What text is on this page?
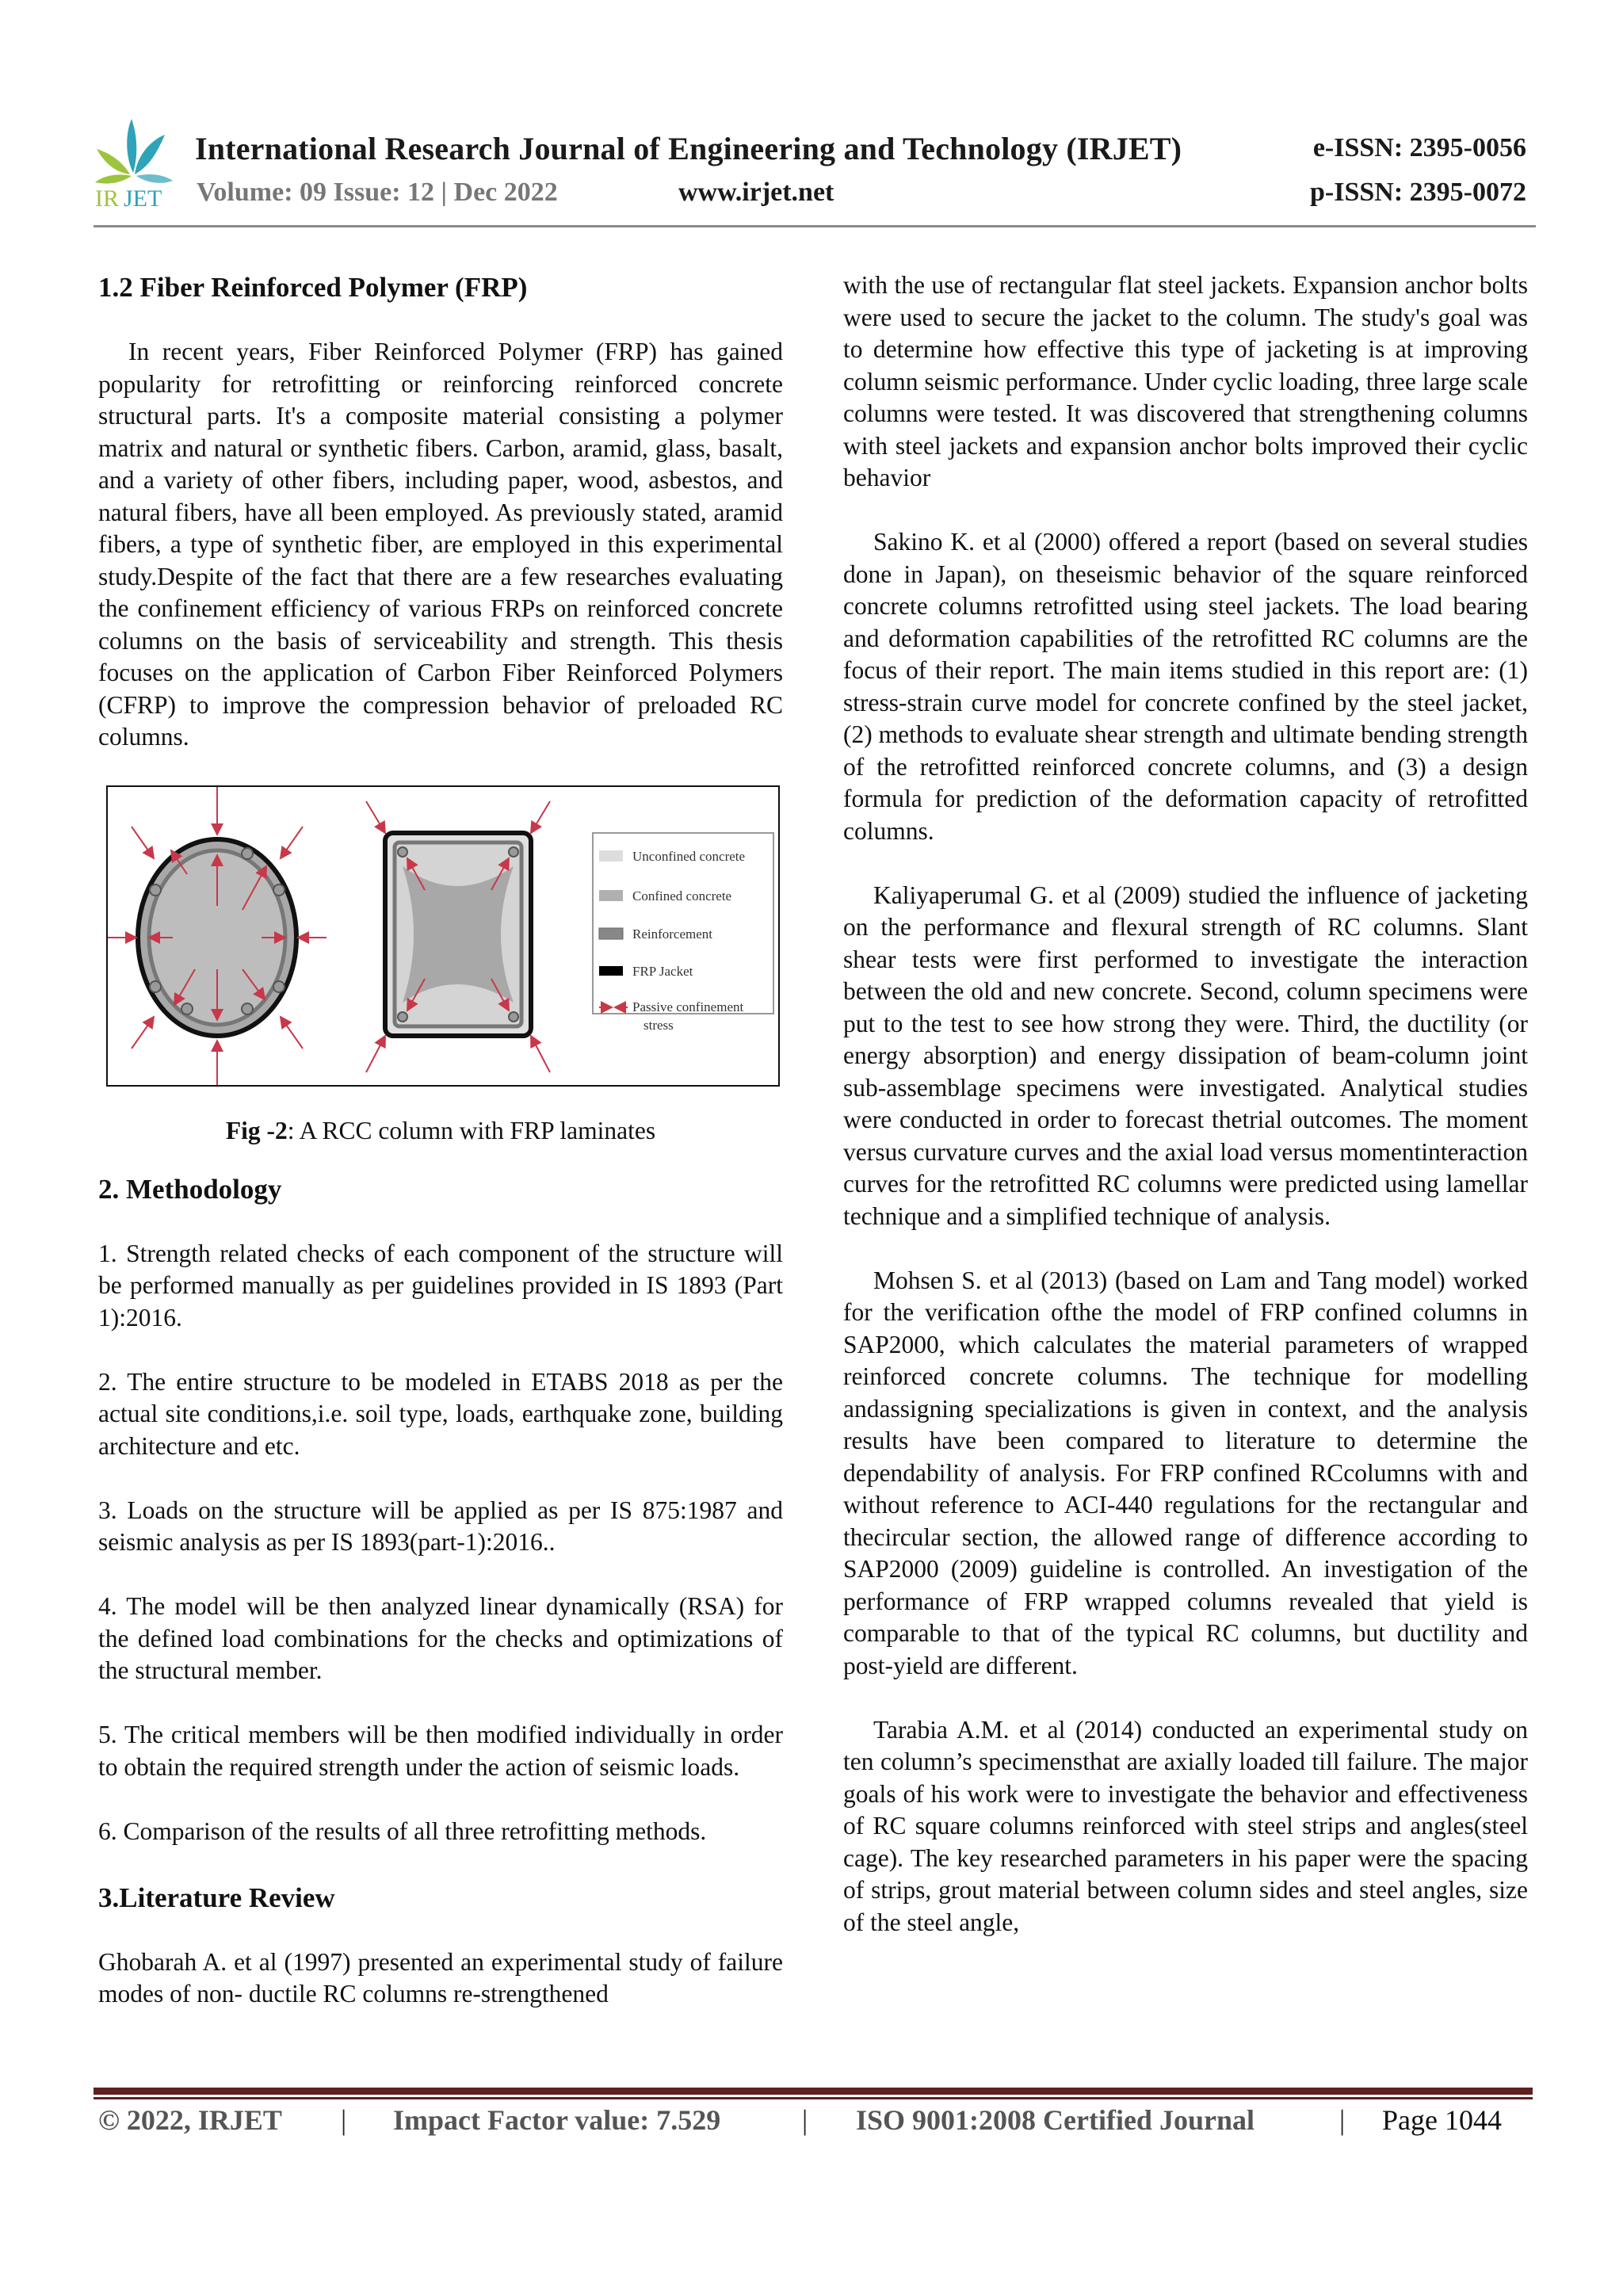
IR JET
International Research Journal of Engineering and Technology (IRJET)	e-ISSN: 2395-0056
Volume: 09 Issue: 12 | Dec 2022	www.irjet.net	p-ISSN: 2395-0072
1.2 Fiber Reinforced Polymer (FRP)

In recent years, Fiber Reinforced Polymer (FRP) has gained popularity for retrofitting or reinforcing reinforced concrete structural parts. It's a composite material consisting a polymer matrix and natural or synthetic fibers. Carbon, aramid, glass, basalt, and a variety of other fibers, including paper, wood, asbestos, and natural fibers, have all been employed. As previously stated, aramid fibers, a type of synthetic fiber, are employed in this experimental study.Despite of the fact that there are a few researches evaluating the confinement efficiency of various FRPs on reinforced concrete columns on the basis of serviceability and strength. This thesis focuses on the application of Carbon Fiber Reinforced Polymers (CFRP) to improve the compression behavior of preloaded RC columns.

Unconfined concrete
Confined concrete
Reinforcement
FRP Jacket
Passive confinement
stress
Fig -2: A RCC column with FRP laminates
2. Methodology

1. Strength related checks of each component of the structure will be performed manually as per guidelines provided in IS 1893 (Part 1):2016.

2. The entire structure to be modeled in ETABS 2018 as per the actual site conditions,i.e. soil type, loads, earthquake zone, building architecture and etc.

3. Loads on the structure will be applied as per IS 875:1987 and seismic analysis as per IS 1893(part-1):2016..

4. The model will be then analyzed linear dynamically (RSA) for the defined load combinations for the checks and optimizations of the structural member.

5. The critical members will be then modified individually in order to obtain the required strength under the action of seismic loads.

6. Comparison of the results of all three retrofitting methods.

3.Literature Review

Ghobarah A. et al (1997) presented an experimental study of failure modes of non- ductile RC columns re-strengthened

with the use of rectangular flat steel jackets. Expansion anchor bolts were used to secure the jacket to the column. The study's goal was to determine how effective this type of jacketing is at improving column seismic performance. Under cyclic loading, three large scale columns were tested. It was discovered that strengthening columns with steel jackets and expansion anchor bolts improved their cyclic behavior

Sakino K. et al (2000) offered a report (based on several studies done in Japan), on theseismic behavior of the square reinforced concrete columns retrofitted using steel jackets. The load bearing and deformation capabilities of the retrofitted RC columns are the focus of their report. The main items studied in this report are: (1) stress-strain curve model for concrete confined by the steel jacket, (2) methods to evaluate shear strength and ultimate bending strength of the retrofitted reinforced concrete columns, and (3) a design formula for prediction of the deformation capacity of retrofitted columns.

Kaliyaperumal G. et al (2009) studied the influence of jacketing on the performance and flexural strength of RC columns. Slant shear tests were first performed to investigate the interaction between the old and new concrete. Second, column specimens were put to the test to see how strong they were. Third, the ductility (or energy absorption) and energy dissipation of beam-column joint sub-assemblage specimens were investigated. Analytical studies were conducted in order to forecast thetrial outcomes. The moment versus curvature curves and the axial load versus momentinteraction curves for the retrofitted RC columns were predicted using lamellar technique and a simplified technique of analysis.

Mohsen S. et al (2013) (based on Lam and Tang model) worked for the verification ofthe the model of FRP confined columns in SAP2000, which calculates the material parameters of wrapped reinforced concrete columns. The technique for modelling andassigning specializations is given in context, and the analysis results have been compared to literature to determine the dependability of analysis. For FRP confined RCcolumns with and without reference to ACI-440 regulations for the rectangular and thecircular section, the allowed range of difference according to SAP2000 (2009) guideline is controlled. An investigation of the performance of FRP wrapped columns revealed that yield is comparable to that of the typical RC columns, but ductility and post-yield are different.

Tarabia A.M. et al (2014) conducted an experimental study on ten column’s specimensthat are axially loaded till failure. The major goals of his work were to investigate the behavior and effectiveness of RC square columns reinforced with steel strips and angles(steel cage). The key researched parameters in his paper were the spacing of strips, grout material between column sides and steel angles, size of the steel angle,

© 2022, IRJET | Impact Factor value: 7.529	| ISO 9001:2008 Certified Journal	| Page 1044
